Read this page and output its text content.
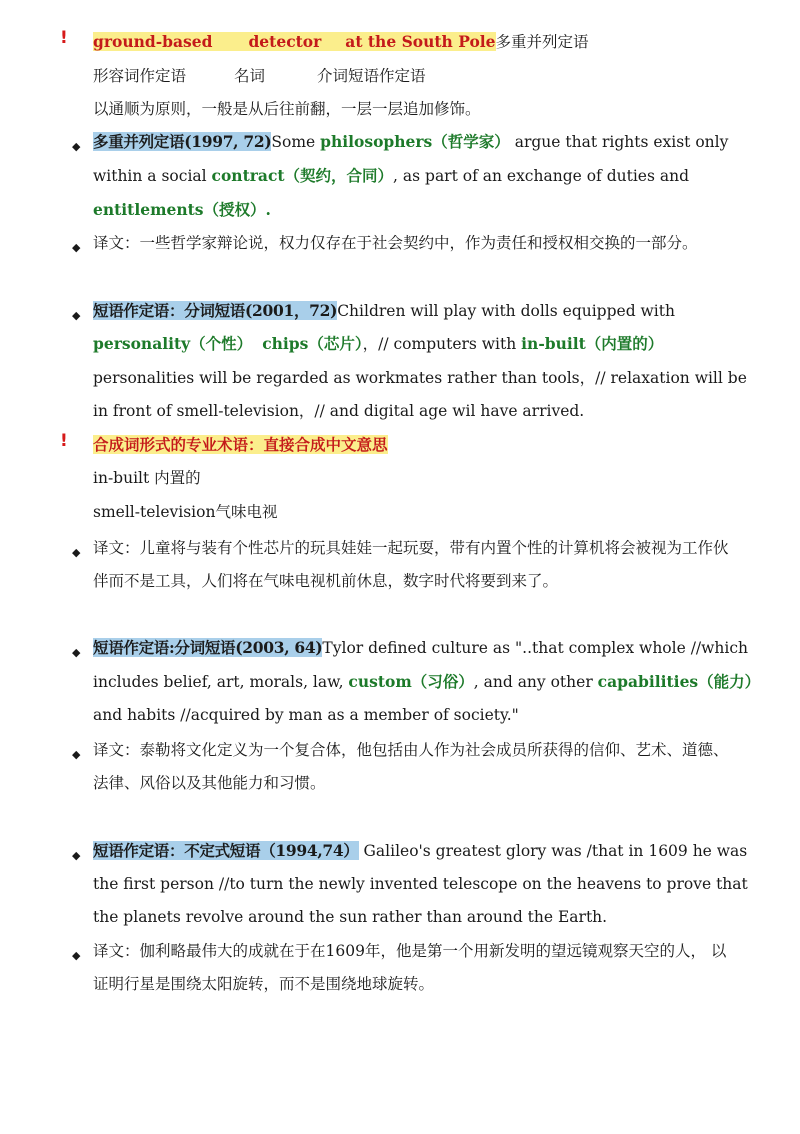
! ground-based detector at the South Pole多重并列定语
形容词作定语	名词	介词短语作定语
以通顺为原则，一般是从后往前翻，一层一层追加修饰。
◆ 多重并列定语(1997, 72)Some philosophers（哲学家） argue that rights exist only
within a social contract（契约，合同）, as part of an exchange of duties and
entitlements（授权）.
◆ 译文：一些哲学家辩论说，权力仅存在于社会契约中，作为责任和授权相交换的一部分。
◆ 短语作定语：分词短语(2001，72)Children will play with dolls equipped with
personality（个性） chips（芯片），// computers with in-built（内置的）
personalities will be regarded as workmates rather than tools，// relaxation will be
in front of smell-television，// and digital age wil have arrived.
! 合成词形式的专业术语：直接合成中文意思
in-built 内置的
smell-television气味电视
◆ 译文：儿童将与装有个性芯片的玩具娃娃一起玩耍，带有内置个性的计算机将会被视为工作伙
伴而不是工具，人们将在气味电视机前休息，数字时代将要到来了。
◆ 短语作定语:分词短语(2003, 64)Tylor defined culture as "..that complex whole //which
includes belief, art, morals, law, custom（习俗）, and any other capabilities（能力）
and habits //acquired by man as a member of society."
◆ 译文：泰勒将文化定义为一个复合体，他包括由人作为社会成员所获得的信仰、艺术、道德、
法律、风俗以及其他能力和习惯。
◆ 短语作定语：不定式短语（1994,74） Galileo's greatest glory was /that in 1609 he was
the first person //to turn the newly invented telescope on the heavens to prove that
the planets revolve around the sun rather than around the Earth.
◆ 译文：伽利略最伟大的成就在于在1609年，他是第一个用新发明的望远镜观察天空的人， 以
证明行星是围绕太阳旋转，而不是围绕地球旋转。
